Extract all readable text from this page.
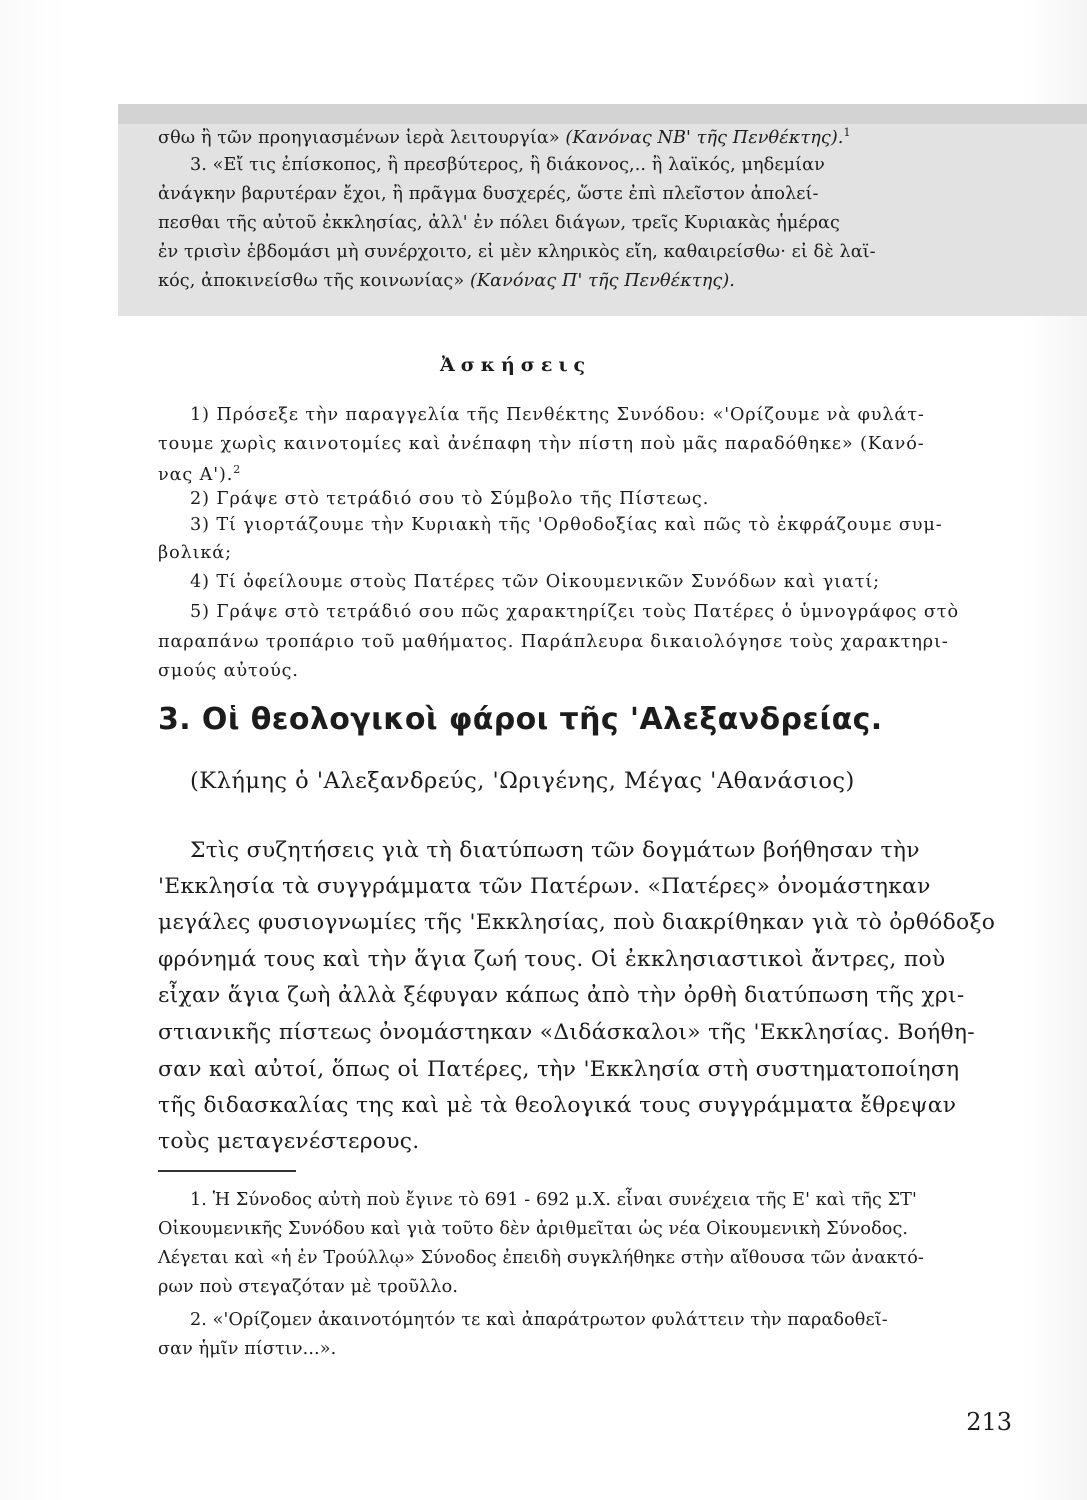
σθω ἢ τῶν προηγιασμένων ἱερὰ λειτουργία» (Κανόνας ΝΒ' τῆς Πενθέκτης).$^1$
3. «Εἴ τις ἐπίσκοπος, ἢ πρεσβύτερος, ἢ διάκονος,.. ἢ λαϊκός, μηδεμίαν
ἀνάγκην βαρυτέραν ἔχοι, ἢ πρᾶγμα δυσχερές, ὥστε ἐπὶ πλεῖστον ἀπολεί-
πεσθαι τῆς αὐτοῦ ἐκκλησίας, ἀλλ' ἐν πόλει διάγων, τρεῖς Κυριακὰς ἡμέρας
ἐν τρισὶν ἑβδομάσι μὴ συνέρχοιτο, εἰ μὲν κληρικὸς εἴη, καθαιρείσθω· εἰ δὲ λαϊ-
κός, ἀποκινείσθω τῆς κοινωνίας» (Κανόνας Π' τῆς Πενθέκτης).
Ἀσκήσεις
1) Πρόσεξε τὴν παραγγελία τῆς Πενθέκτης Συνόδου: «'Ορίζουμε νὰ φυλάτ-
τουμε χωρὶς καινοτομίες καὶ ἀνέπαφη τὴν πίστη ποὺ μᾶς παραδόθηκε» (Κανό-
νας Α').$^2$
2) Γράψε στὸ τετράδιό σου τὸ Σύμβολο τῆς Πίστεως.
3) Τί γιορτάζουμε τὴν Κυριακὴ τῆς 'Ορθοδοξίας καὶ πῶς τὸ ἐκφράζουμε συμ-
βολικά;
4) Τί ὀφείλουμε στοὺς Πατέρες τῶν Οἰκουμενικῶν Συνόδων καὶ γιατί;
5) Γράψε στὸ τετράδιό σου πῶς χαρακτηρίζει τοὺς Πατέρες ὁ ὑμνογράφος στὸ
παραπάνω τροπάριο τοῦ μαθήματος. Παράπλευρα δικαιολόγησε τοὺς χαρακτηρι-
σμούς αὐτούς.
3. Οἱ θεολογικοὶ φάροι τῆς 'Αλεξανδρείας.
(Κλήμης ὁ 'Αλεξανδρεύς, 'Ωριγένης, Μέγας 'Αθανάσιος)
Στὶς συζητήσεις γιὰ τὴ διατύπωση τῶν δογμάτων βοήθησαν τὴν
'Εκκλησία τὰ συγγράμματα τῶν Πατέρων. «Πατέρες» ὀνομάστηκαν
μεγάλες φυσιογνωμίες τῆς 'Εκκλησίας, ποὺ διακρίθηκαν γιὰ τὸ ὀρθόδοξο
φρόνημά τους καὶ τὴν ἅγια ζωή τους. Οἱ ἐκκλησιαστικοὶ ἄντρες, ποὺ
εἶχαν ἅγια ζωὴ ἀλλὰ ξέφυγαν κάπως ἀπὸ τὴν ὀρθὴ διατύπωση τῆς χρι-
στιανικῆς πίστεως ὀνομάστηκαν «Διδάσκαλοι» τῆς 'Εκκλησίας. Βοήθη-
σαν καὶ αὐτοί, ὅπως οἱ Πατέρες, τὴν 'Εκκλησία στὴ συστηματοποίηση
τῆς διδασκαλίας της καὶ μὲ τὰ θεολογικά τους συγγράμματα ἔθρεψαν
τοὺς μεταγενέστερους.
1. Ἡ Σύνοδος αὐτὴ ποὺ ἔγινε τὸ 691 - 692 μ.Χ. εἶναι συνέχεια τῆς Ε' καὶ τῆς ΣΤ'
Οἰκουμενικῆς Συνόδου καὶ γιὰ τοῦτο δὲν ἀριθμεῖται ὡς νέα Οἰκουμενικὴ Σύνοδος.
Λέγεται καὶ «ἡ ἐν Τρούλλῳ» Σύνοδος ἐπειδὴ συγκλήθηκε στὴν αἴθουσα τῶν ἀνακτό-
ρων ποὺ στεγαζόταν μὲ τροῦλλο.
2. «'Ορίζομεν ἀκαινοτόμητόν τε καὶ ἀπαράτρωτον φυλάττειν τὴν παραδοθεῖ-
σαν ἡμῖν πίστιν...».
213
